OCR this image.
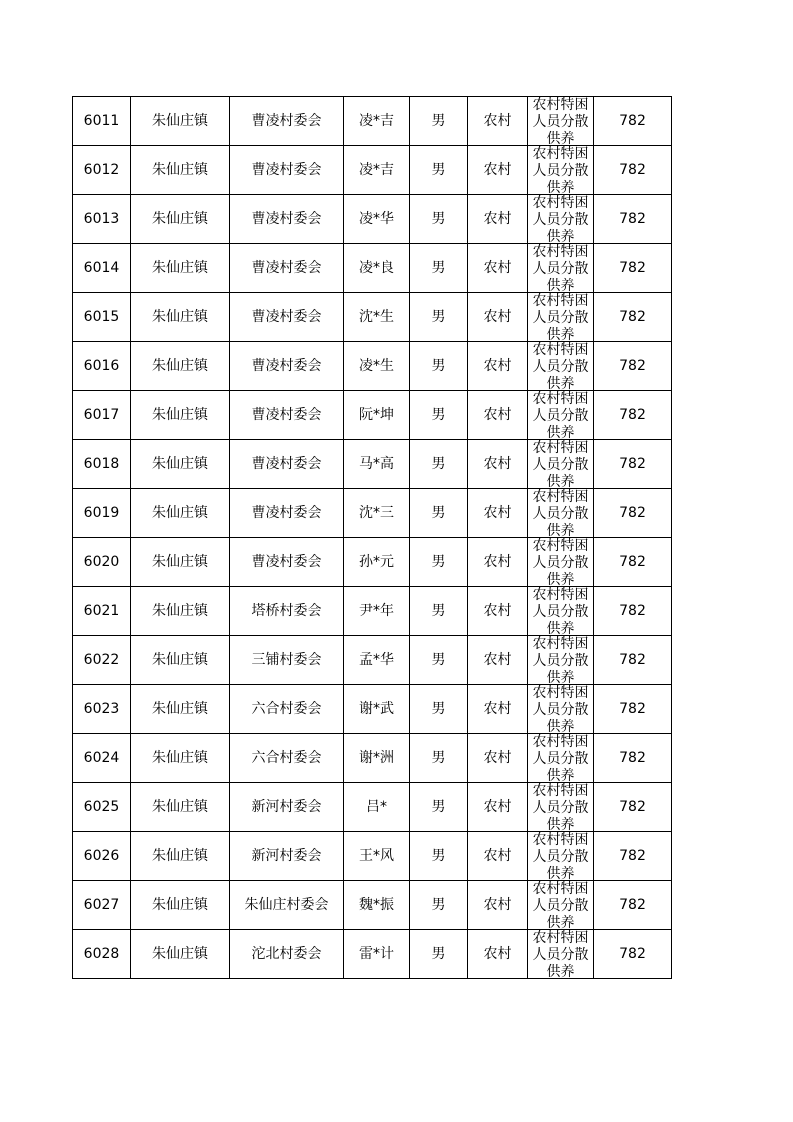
6011	朱仙庄镇	曹凌村委会	凌*吉	男	农村	农村特困人员分散供养	782
6012	朱仙庄镇	曹凌村委会	凌*吉	男	农村	农村特困人员分散供养	782
6013	朱仙庄镇	曹凌村委会	凌*华	男	农村	农村特困人员分散供养	782
6014	朱仙庄镇	曹凌村委会	凌*良	男	农村	农村特困人员分散供养	782
6015	朱仙庄镇	曹凌村委会	沈*生	男	农村	农村特困人员分散供养	782
6016	朱仙庄镇	曹凌村委会	凌*生	男	农村	农村特困人员分散供养	782
6017	朱仙庄镇	曹凌村委会	阮*坤	男	农村	农村特困人员分散供养	782
6018	朱仙庄镇	曹凌村委会	马*高	男	农村	农村特困人员分散供养	782
6019	朱仙庄镇	曹凌村委会	沈*三	男	农村	农村特困人员分散供养	782
6020	朱仙庄镇	曹凌村委会	孙*元	男	农村	农村特困人员分散供养	782
6021	朱仙庄镇	塔桥村委会	尹*年	男	农村	农村特困人员分散供养	782
6022	朱仙庄镇	三铺村委会	孟*华	男	农村	农村特困人员分散供养	782
6023	朱仙庄镇	六合村委会	谢*武	男	农村	农村特困人员分散供养	782
6024	朱仙庄镇	六合村委会	谢*洲	男	农村	农村特困人员分散供养	782
6025	朱仙庄镇	新河村委会	吕*	男	农村	农村特困人员分散供养	782
6026	朱仙庄镇	新河村委会	王*风	男	农村	农村特困人员分散供养	782
6027	朱仙庄镇	朱仙庄村委会	魏*振	男	农村	农村特困人员分散供养	782
6028	朱仙庄镇	沱北村委会	雷*计	男	农村	农村特困人员分散供养	782
